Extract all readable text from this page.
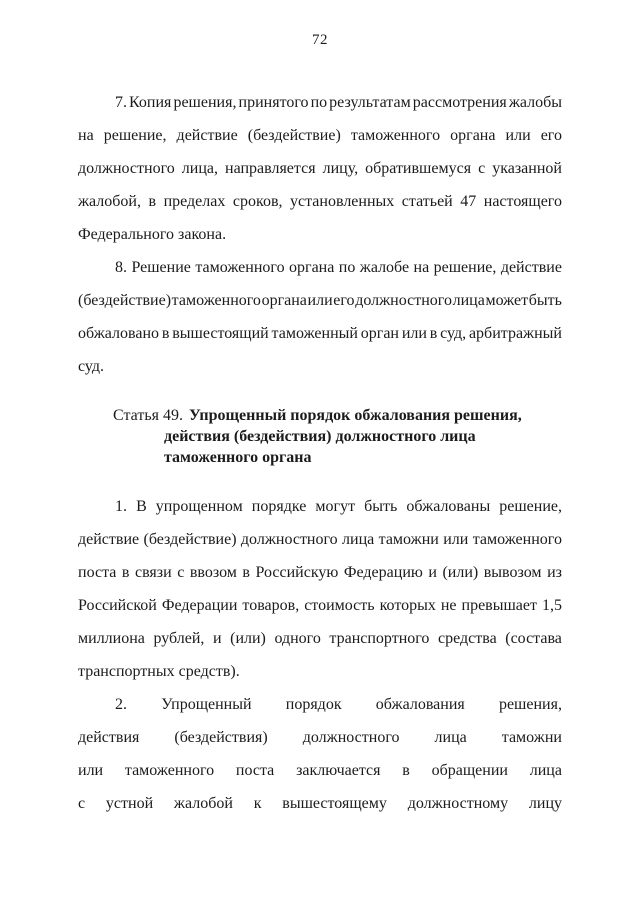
72
7. Копия решения, принятого по результатам рассмотрения жалобы
на решение, действие (бездействие) таможенного органа или его
должностного лица, направляется лицу, обратившемуся с указанной
жалобой, в пределах сроков, установленных статьей 47 настоящего
Федерального закона.
8. Решение таможенного органа по жалобе на решение, действие
(бездействие) таможенного органа или его должностного лица может быть
обжаловано в вышестоящий таможенный орган или в суд, арбитражный
суд.
Статья 49. Упрощенный порядок обжалования решения,
действия (бездействия) должностного лица
таможенного органа
1. В упрощенном порядке могут быть обжалованы решение,
действие (бездействие) должностного лица таможни или таможенного
поста в связи с ввозом в Российскую Федерацию и (или) вывозом из
Российской Федерации товаров, стоимость которых не превышает 1,5
миллиона рублей, и (или) одного транспортного средства (состава
транспортных средств).
2. Упрощенный порядок обжалования решения,
действия (бездействия) должностного лица таможни
или таможенного поста заключается в обращении лица
с устной жалобой к вышестоящему должностному лицу
